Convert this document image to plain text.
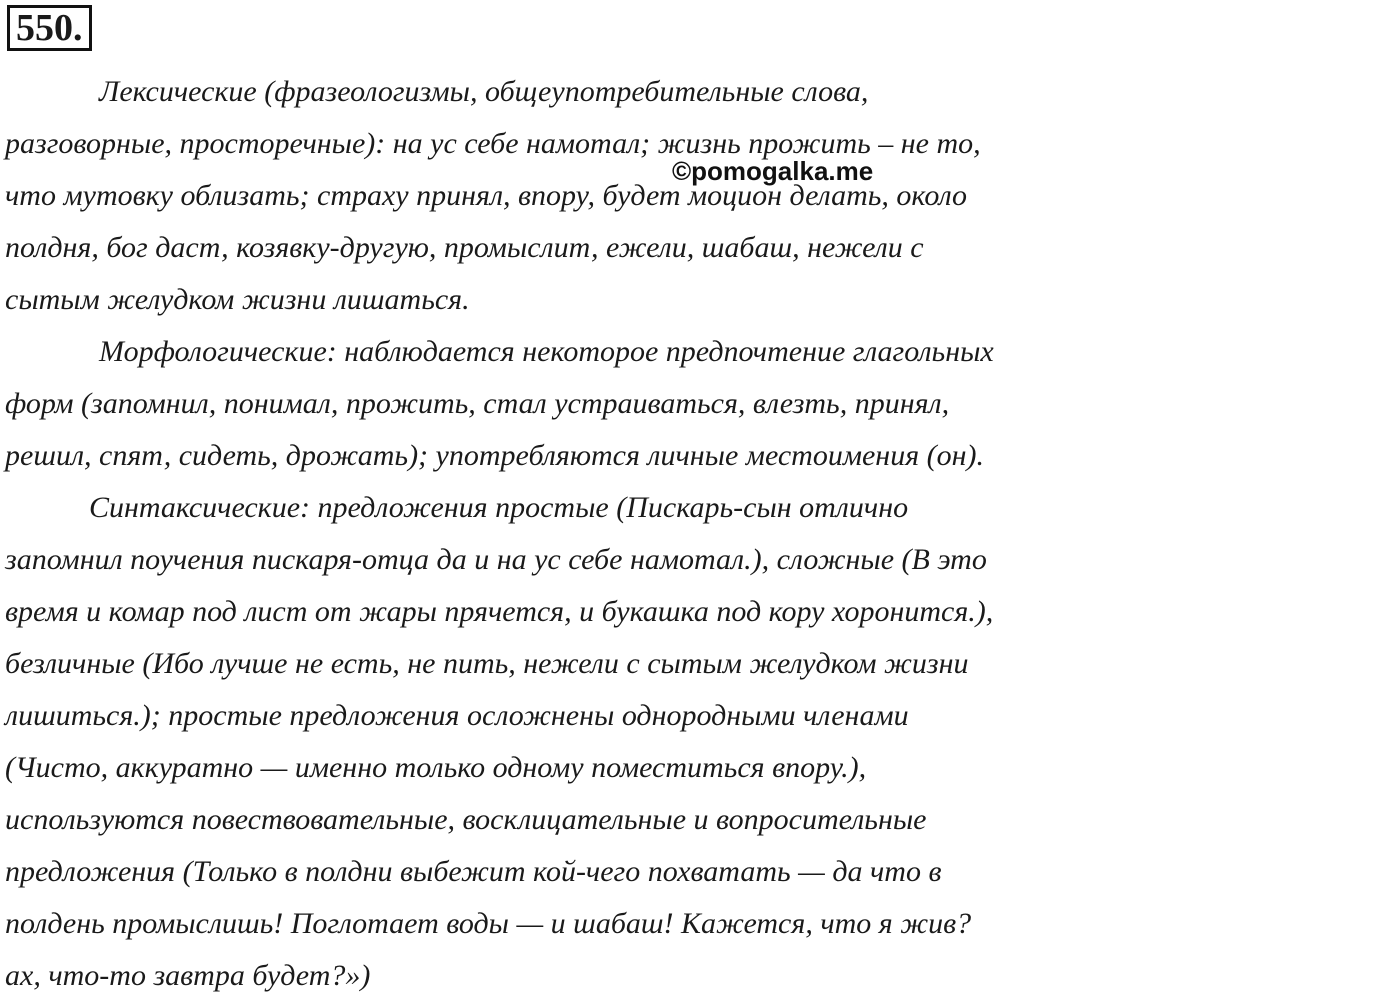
550.
©pomogalka.me
Лексические (фразеологизмы, общеупотребительные слова,
разговорные, просторечные): на ус себе намотал; жизнь прожить – не то,
что мутовку облизать; страху принял, впору, будет моцион делать, около
полдня, бог даст, козявку-другую, промыслит, ежели, шабаш, нежели с
сытым желудком жизни лишаться.
Морфологические: наблюдается некоторое предпочтение глагольных
форм (запомнил, понимал, прожить, стал устраиваться, влезть, принял,
решил, спят, сидеть, дрожать); употребляются личные местоимения (он).
Синтаксические: предложения простые (Пискарь-сын отлично
запомнил поучения пискаря-отца да и на ус себе намотал.), сложные (В это
время и комар под лист от жары прячется, и букашка под кору хоронится.),
безличные (Ибо лучше не есть, не пить, нежели с сытым желудком жизни
лишиться.); простые предложения осложнены однородными членами
(Чисто, аккуратно — именно только одному поместиться впору.),
используются повествовательные, восклицательные и вопросительные
предложения (Только в полдни выбежит кой-чего похватать — да что в
полдень промыслишь! Поглотает воды — и шабаш! Кажется, что я жив?
ах, что-то завтра будет?»)
